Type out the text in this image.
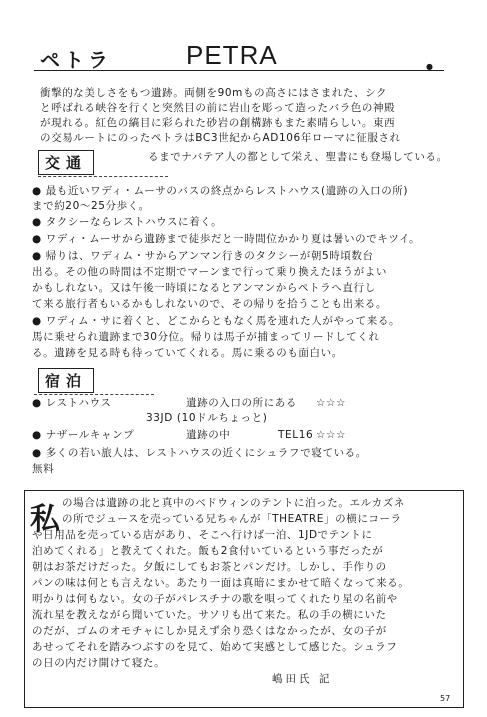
ペトラ	PETRA	●
衝撃的な美しさをもつ遺跡。両側を90mもの高さにはさまれた、シク
と呼ばれる峡谷を行くと突然目の前に岩山を彫って造ったバラ色の神殿
が現れる。紅色の縞目に彩られた砂岩の創構跡もまた素晴らしい。東西
の交易ルートにのったペトラはBC3世紀からAD106年ローマに征服され
るまでナバテア人の都として栄え、聖書にも登場している。
交通
● 最も近いワディ・ムーサのバスの終点からレストハウス(遺跡の入口の所)
まで約20〜25分歩く。
● タクシーならレストハウスに着く。
● ワディ・ムーサから遺跡まで徒歩だと一時間位かかり夏は暑いのでキツイ。
● 帰りは、ワディム・サからアンマン行きのタクシーが朝5時頃数台
出る。その他の時間は不定期でマーンまで行って乗り換えたほうがよい
かもしれない。又は午後一時頃になるとアンマンからペトラへ直行し
て来る旅行者もいるかもしれないので、その帰りを拾うことも出来る。
● ワディム・サに着くと、どこからともなく馬を連れた人がやって来る。
馬に乗せられ遺跡まで30分位。帰りは馬子が捕まってリードしてくれ
る。遺跡を見る時も待っていてくれる。馬に乗るのも面白い。
宿泊
● レストハウス	遺跡の入口の所にある ☆☆☆
33JD (10ドルちょっと)
● ナザールキャンプ	遺跡の中	TEL16 ☆☆☆
● 多くの若い旅人は、レストハウスの近くにシュラフで寝ている。
無料
私 の場合は遺跡の北と真中のベドウィンのテントに泊った。エルカズネ
の所でジュースを売っている兄ちゃんが「THEATRE」の横にコーラ
や日用品を売っている店があり、そこへ行けば一泊、1JDでテントに
泊めてくれる」と教えてくれた。飯も2食付いているという事だったが
朝はお茶だけだった。夕飯にしてもお茶とパンだけ。しかし、手作りの
パンの味は何とも言えない。あたり一面は真暗にまかせて暗くなって来る。
明かりは何もない。女の子がパレスチナの歌を唄ってくれたり星の名前や
流れ星を教えながら聞いていた。サソリも出て来た。私の手の横にいた
のだが、ゴムのオモチャにしか見えず余り恐くはなかったが、女の子が
あせってそれを踏みつぶすのを見て、始めて実感として感じた。シュラフ
の日の内だけ開けて寝た。
嶋田氏 記
57
